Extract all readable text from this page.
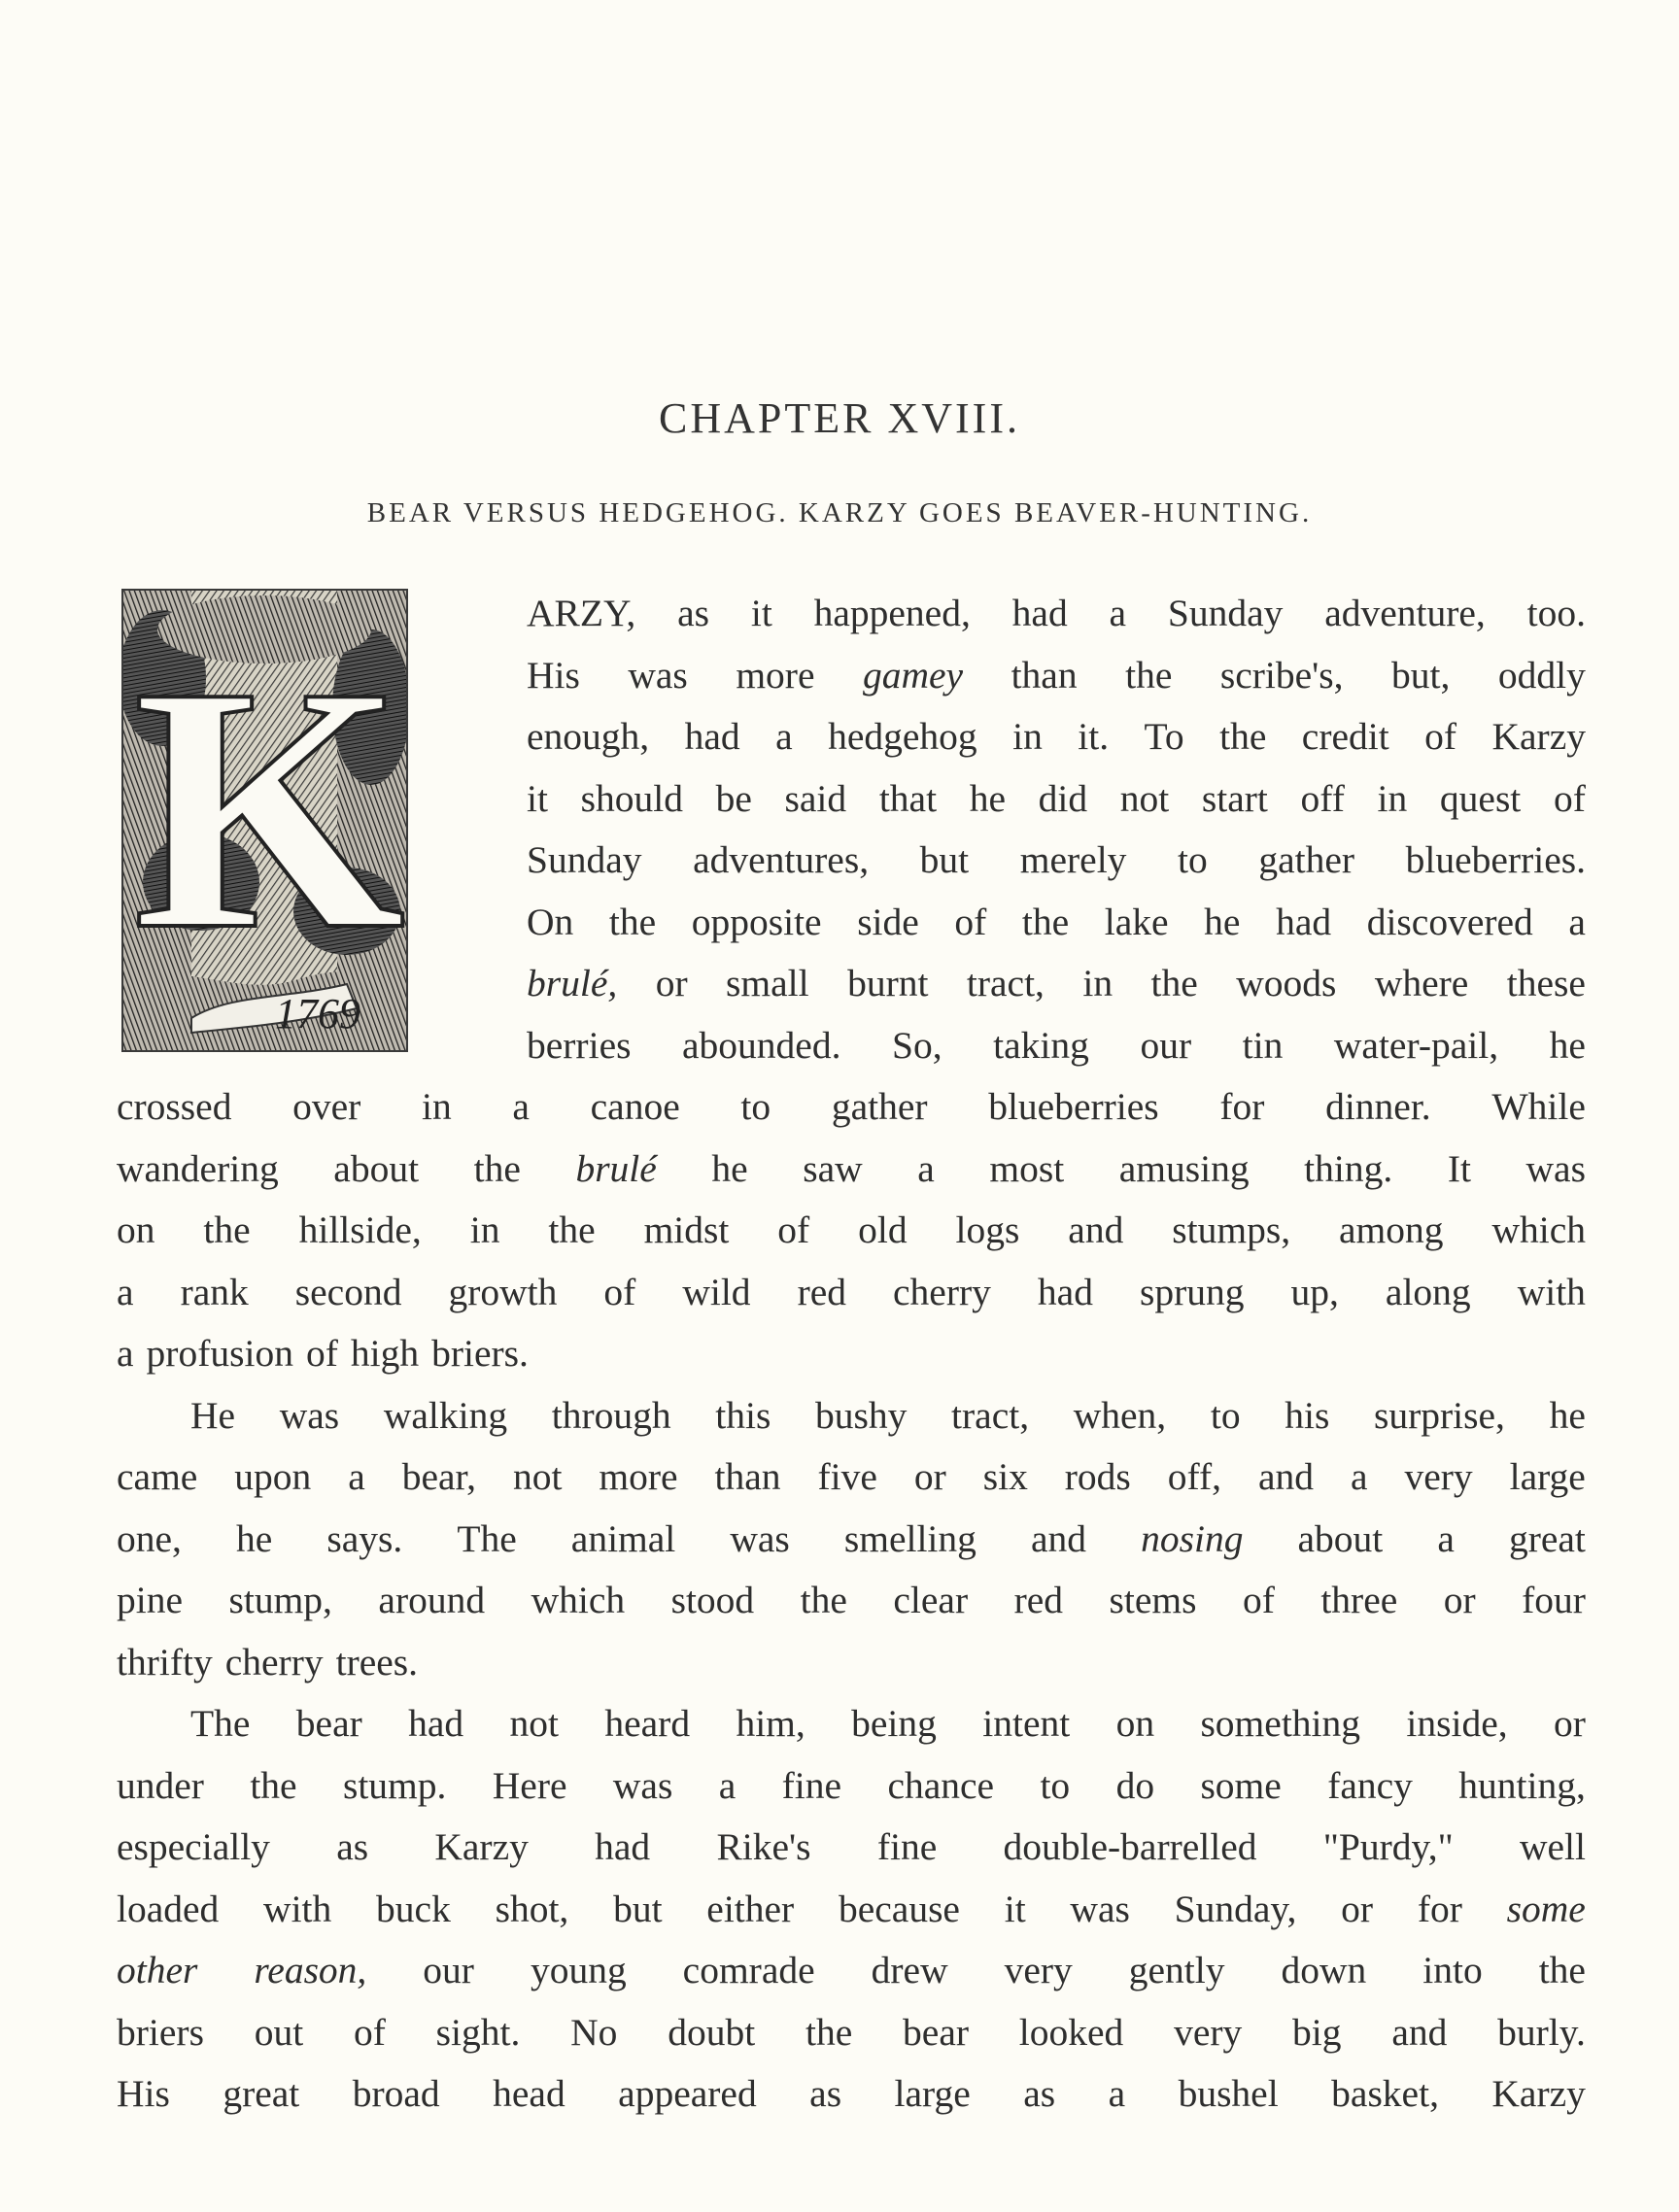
CHAPTER XVIII.
BEAR VERSUS HEDGEHOG. KARZY GOES BEAVER-HUNTING.
K
1769
ARZY, as it happened, had a Sunday adventure, too.
His was more gamey than the scribe's, but, oddly
enough, had a hedgehog in it. To the credit of Karzy
it should be said that he did not start off in quest of
Sunday adventures, but merely to gather blueberries.
On the opposite side of the lake he had discovered a
brulé, or small burnt tract, in the woods where these
berries abounded. So, taking our tin water-pail, he
crossed over in a canoe to gather blueberries for dinner. While
wandering about the brulé he saw a most amusing thing. It was
on the hillside, in the midst of old logs and stumps, among which
a rank second growth of wild red cherry had sprung up, along with
a profusion of high briers.
He was walking through this bushy tract, when, to his surprise, he
came upon a bear, not more than five or six rods off, and a very large
one, he says. The animal was smelling and nosing about a great
pine stump, around which stood the clear red stems of three or four
thrifty cherry trees.
The bear had not heard him, being intent on something inside, or
under the stump. Here was a fine chance to do some fancy hunting,
especially as Karzy had Rike's fine double-barrelled "Purdy," well
loaded with buck shot, but either because it was Sunday, or for some
other reason, our young comrade drew very gently down into the
briers out of sight. No doubt the bear looked very big and burly.
His great broad head appeared as large as a bushel basket, Karzy
